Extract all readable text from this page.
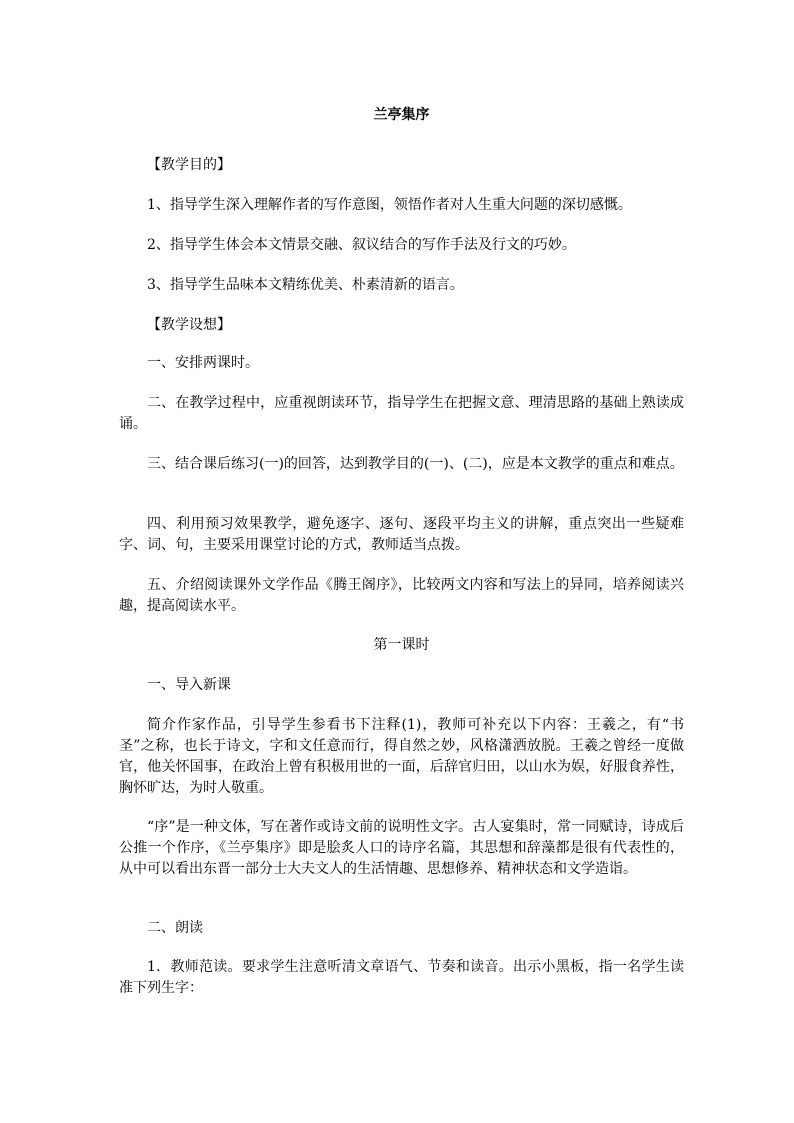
兰亭集序
【教学目的】
1、指导学生深入理解作者的写作意图，领悟作者对人生重大问题的深切感慨。
2、指导学生体会本文情景交融、叙议结合的写作手法及行文的巧妙。
3、指导学生品味本文精练优美、朴素清新的语言。
【教学设想】
一、安排两课时。
二、在教学过程中，应重视朗读环节，指导学生在把握文意、理清思路的基础上熟读成诵。
三、结合课后练习(一)的回答，达到教学目的(一)、(二)，应是本文教学的重点和难点。
四、利用预习效果教学，避免逐字、逐句、逐段平均主义的讲解，重点突出一些疑难字、词、句，主要采用课堂讨论的方式，教师适当点拨。
五、介绍阅读课外文学作品《腾王阁序》，比较两文内容和写法上的异同，培养阅读兴趣，提高阅读水平。
第一课时
一、导入新课
简介作家作品，引导学生参看书下注释(1)，教师可补充以下内容：王羲之，有“书圣”之称，也长于诗文，字和文任意而行，得自然之妙，风格潇洒放脱。王羲之曾经一度做官，他关怀国事，在政治上曾有积极用世的一面，后辞官归田，以山水为娱，好服食养性，胸怀旷达，为时人敬重。
“序”是一种文体，写在著作或诗文前的说明性文字。古人宴集时，常一同赋诗，诗成后公推一个作序，《兰亭集序》即是脍炙人口的诗序名篇，其思想和辞藻都是很有代表性的，从中可以看出东晋一部分士大夫文人的生活情趣、思想修养、精神状态和文学造诣。
二、朗读
1．教师范读。要求学生注意听清文章语气、节奏和读音。出示小黑板，指一名学生读准下列生字：
